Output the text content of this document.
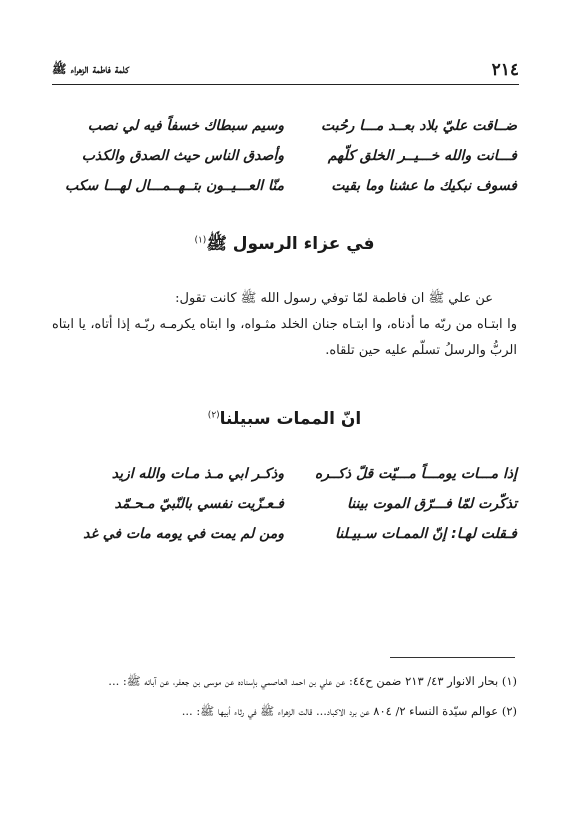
٢١٤
كلمة فاطمة الزهراء ﷺ
ضــاقت عليّ بلاد بعــد مـــا رحُبت
وسيم سبطاك خسفاً فيه لي نصب
فـــانت والله خـــيــر الخلق كلّهم
وأصدق الناس حيث الصدق والكذب
فسوف نبكيك ما عشنا وما بقيت
منّا العـــيــون بتــهــمـــال لهـــا سكب
في عزاء الرسول ﷺ$^{(١)}$

عن علي ﷺ ان فاطمة لمّا توفي رسول الله ﷺ كانت تقول:

وا ابتـاه من ربّه ما أدناه، وا ابتـاه جنان الخلد مثـواه، وا ابتاه يكرمـه ربّـه إذا أتاه، يا ابتاه الربُّ والرسلُ تسلّم عليه حين تلقاه.

انّ الممات سبيلنا$^{(٢)}$
إذا مـــات يومـــاً مـــيّت قلّ ذكــره
وذكـر ابي مـذ مـات والله ازيد
تذكّرت لمّا فـــرّق الموت بيننا
فـعـزّيت نفسي بالنّبيّ مـحـمّد
فـقلت لهـا: إنّ الممـات سـبيـلنا
ومن لم يمت في يومه مات في غد

(١) بحار الانوار ٤٣/ ٢١٣ ضمن ح٤٤: عن علي بن احمد العاصمي بإسناده عن موسى بن جعفر، عن آبائه ﷺ: ...

(٢) عوالم سيّدة النساء ٢/ ٨٠٤ عن برد الاكباد... قالت الزهراء ﷺ في رثاء أبيها ﷺ: ...
